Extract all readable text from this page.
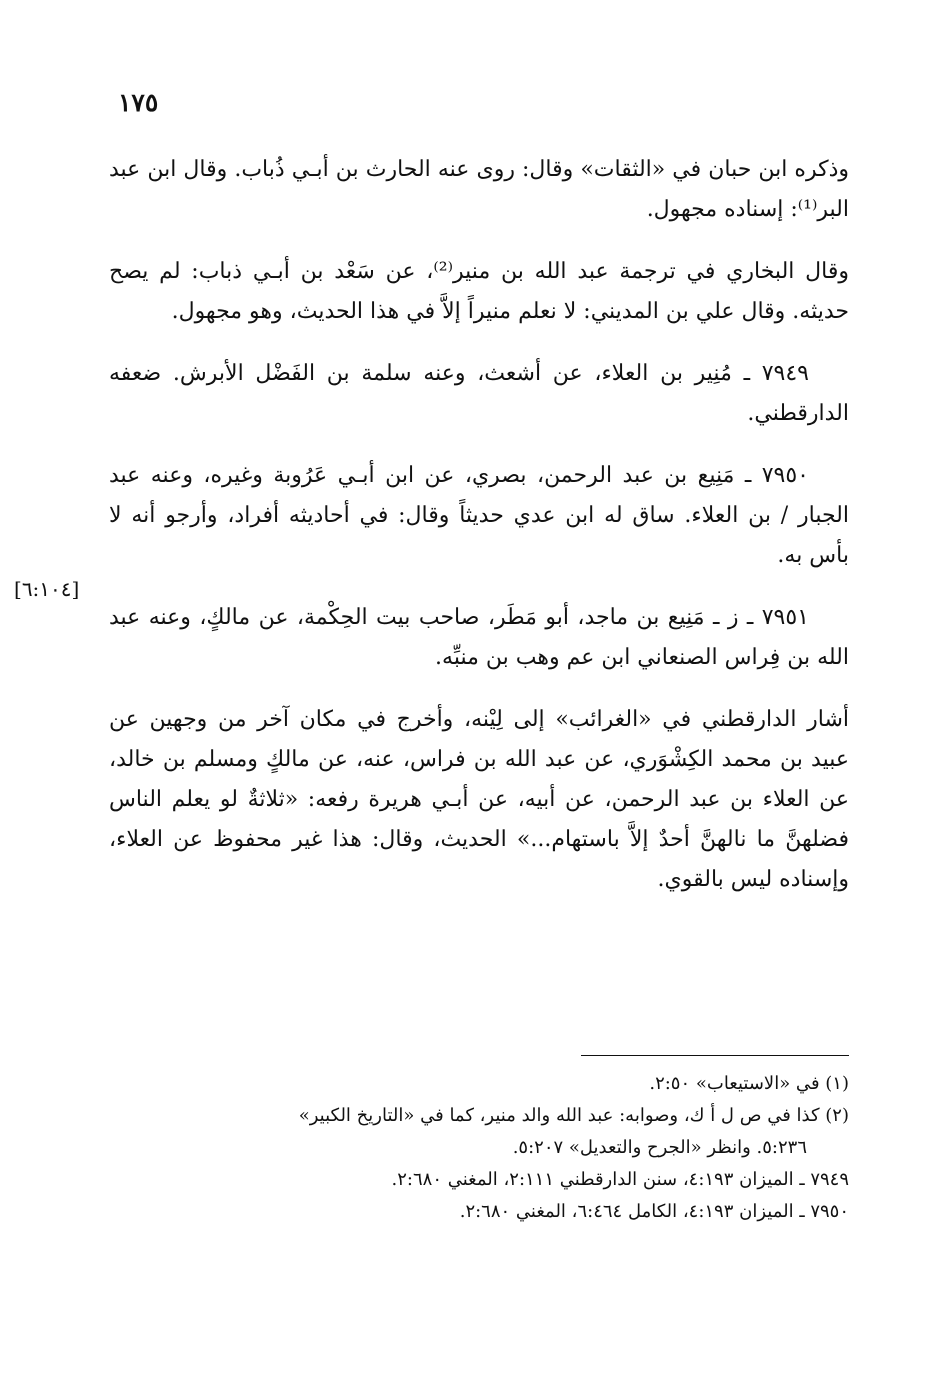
١٧٥

وذكره ابن حبان في «الثقات» وقال: روى عنه الحارث بن أبـي ذُباب. وقال ابن عبد البر⁽¹⁾: إسناده مجهول.

وقال البخاري في ترجمة عبد الله بن منير⁽²⁾، عن سَعْد بن أبـي ذباب: لم يصح حديثه. وقال علي بن المديني: لا نعلم منيراً إلاَّ في هذا الحديث، وهو مجهول.

٧٩٤٩ ـ مُنِير بن العلاء، عن أشعث، وعنه سلمة بن الفَضْل الأبرش. ضعفه الدارقطني.

٧٩٥٠ ـ مَنِيع بن عبد الرحمن، بصري، عن ابن أبـي عَرُوبة وغيره، وعنه عبد الجبار / بن العلاء. ساق له ابن عدي حديثاً وقال: في أحاديثه أفراد، وأرجو أنه لا بأس به.

٧٩٥١ ـ ز ـ مَنِيع بن ماجد، أبو مَطَر، صاحب بيت الحِكْمة، عن مالكٍ، وعنه عبد الله بن فِراس الصنعاني ابن عم وهب بن منبِّه.

أشار الدارقطني في «الغرائب» إلى لِيْنه، وأخرج في مكان آخر من وجهين عن عبيد بن محمد الكِشْوَري، عن عبد الله بن فراس، عنه، عن مالكٍ ومسلم بن خالد، عن العلاء بن عبد الرحمن، عن أبيه، عن أبـي هريرة رفعه: «ثلاثةٌ لو يعلم الناس فضلهنَّ ما نالهنَّ أحدٌ إلاَّ باستهام...» الحديث، وقال: هذا غير محفوظ عن العلاء، وإسناده ليس بالقوي.

[٦:١٠٤]

(١) في «الاستيعاب» ٢:٥٠.

(٢) كذا في ص ل أ ك، وصوابه: عبد الله والد منير، كما في «التاريخ الكبير»

٥:٢٣٦. وانظر «الجرح والتعديل» ٥:٢٠٧.

٧٩٤٩ ـ الميزان ٤:١٩٣، سنن الدارقطني ٢:١١١، المغني ٢:٦٨٠.

٧٩٥٠ ـ الميزان ٤:١٩٣، الكامل ٦:٤٦٤، المغني ٢:٦٨٠.
